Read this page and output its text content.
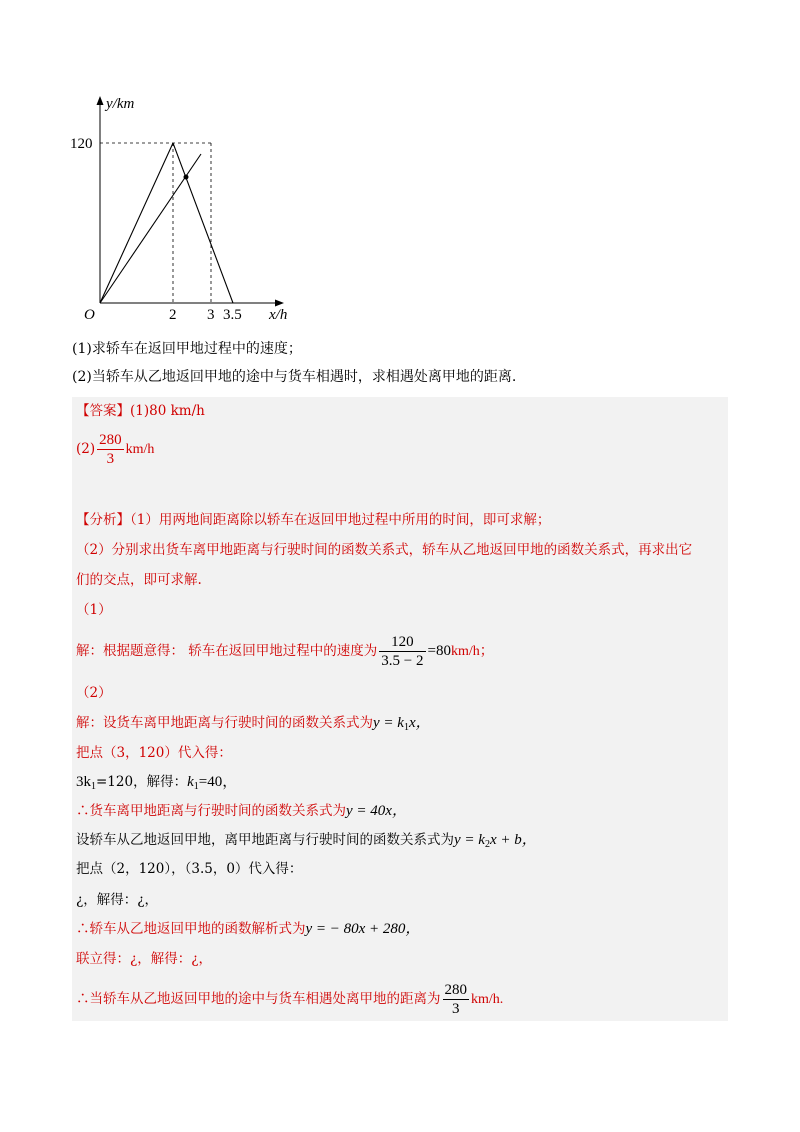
y/km
O
120
2 3 3.5 x/h
(1)求轿车在返回甲地过程中的速度；
(2)当轿车从乙地返回甲地的途中与货车相遇时，求相遇处离甲地的距离.
【答案】(1)80 km/h
$(2) \frac{280}{3} km/h$
【分析】（1）用两地间距离除以轿车在返回甲地过程中所用的时间，即可求解；
（2）分别求出货车离甲地距离与行驶时间的函数关系式，轿车从乙地返回甲地的函数关系式，再求出它
们的交点，即可求解.
（1）
解：根据题意得： 轿车在返回甲地过程中的速度为 $\frac{120}{3.5 - 2} =80km/h$；
（2）
解：设货车离甲地距离与行驶时间的函数关系式为$y = k_1x$，
把点（3，120）代入得：
$3k_1=120$，解得：$k_1=40$，
∴货车离甲地距离与行驶时间的函数关系式为y = 40x，
设轿车从乙地返回甲地，离甲地距离与行驶时间的函数关系式为$y = k_2x + b$，
把点（2，120），（3.5，0）代入得：
¿，解得：¿，
∴轿车从乙地返回甲地的函数解析式为y = − 80x + 280，
联立得：¿，解得：¿，
∴当轿车从乙地返回甲地的途中与货车相遇处离甲地的距离为 $\frac{280}{3} km/h$.
